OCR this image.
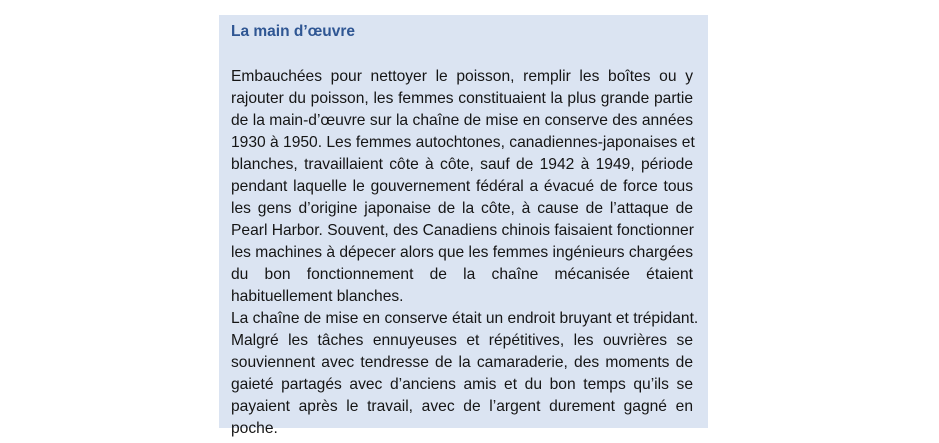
La main d’œuvre
Embauchées pour nettoyer le poisson, remplir les boîtes ou y
rajouter du poisson, les femmes constituaient la plus grande partie
de la main-d’œuvre sur la chaîne de mise en conserve des années
1930 à 1950. Les femmes autochtones, canadiennes-japonaises et
blanches, travaillaient côte à côte, sauf de 1942 à 1949, période
pendant laquelle le gouvernement fédéral a évacué de force tous
les gens d’origine japonaise de la côte, à cause de l’attaque de
Pearl Harbor. Souvent, des Canadiens chinois faisaient fonctionner
les machines à dépecer alors que les femmes ingénieurs chargées
du bon fonctionnement de la chaîne mécanisée étaient
habituellement blanches.
La chaîne de mise en conserve était un endroit bruyant et trépidant.
Malgré les tâches ennuyeuses et répétitives, les ouvrières se
souviennent avec tendresse de la camaraderie, des moments de
gaieté partagés avec d’anciens amis et du bon temps qu’ils se
payaient après le travail, avec de l’argent durement gagné en
poche.
